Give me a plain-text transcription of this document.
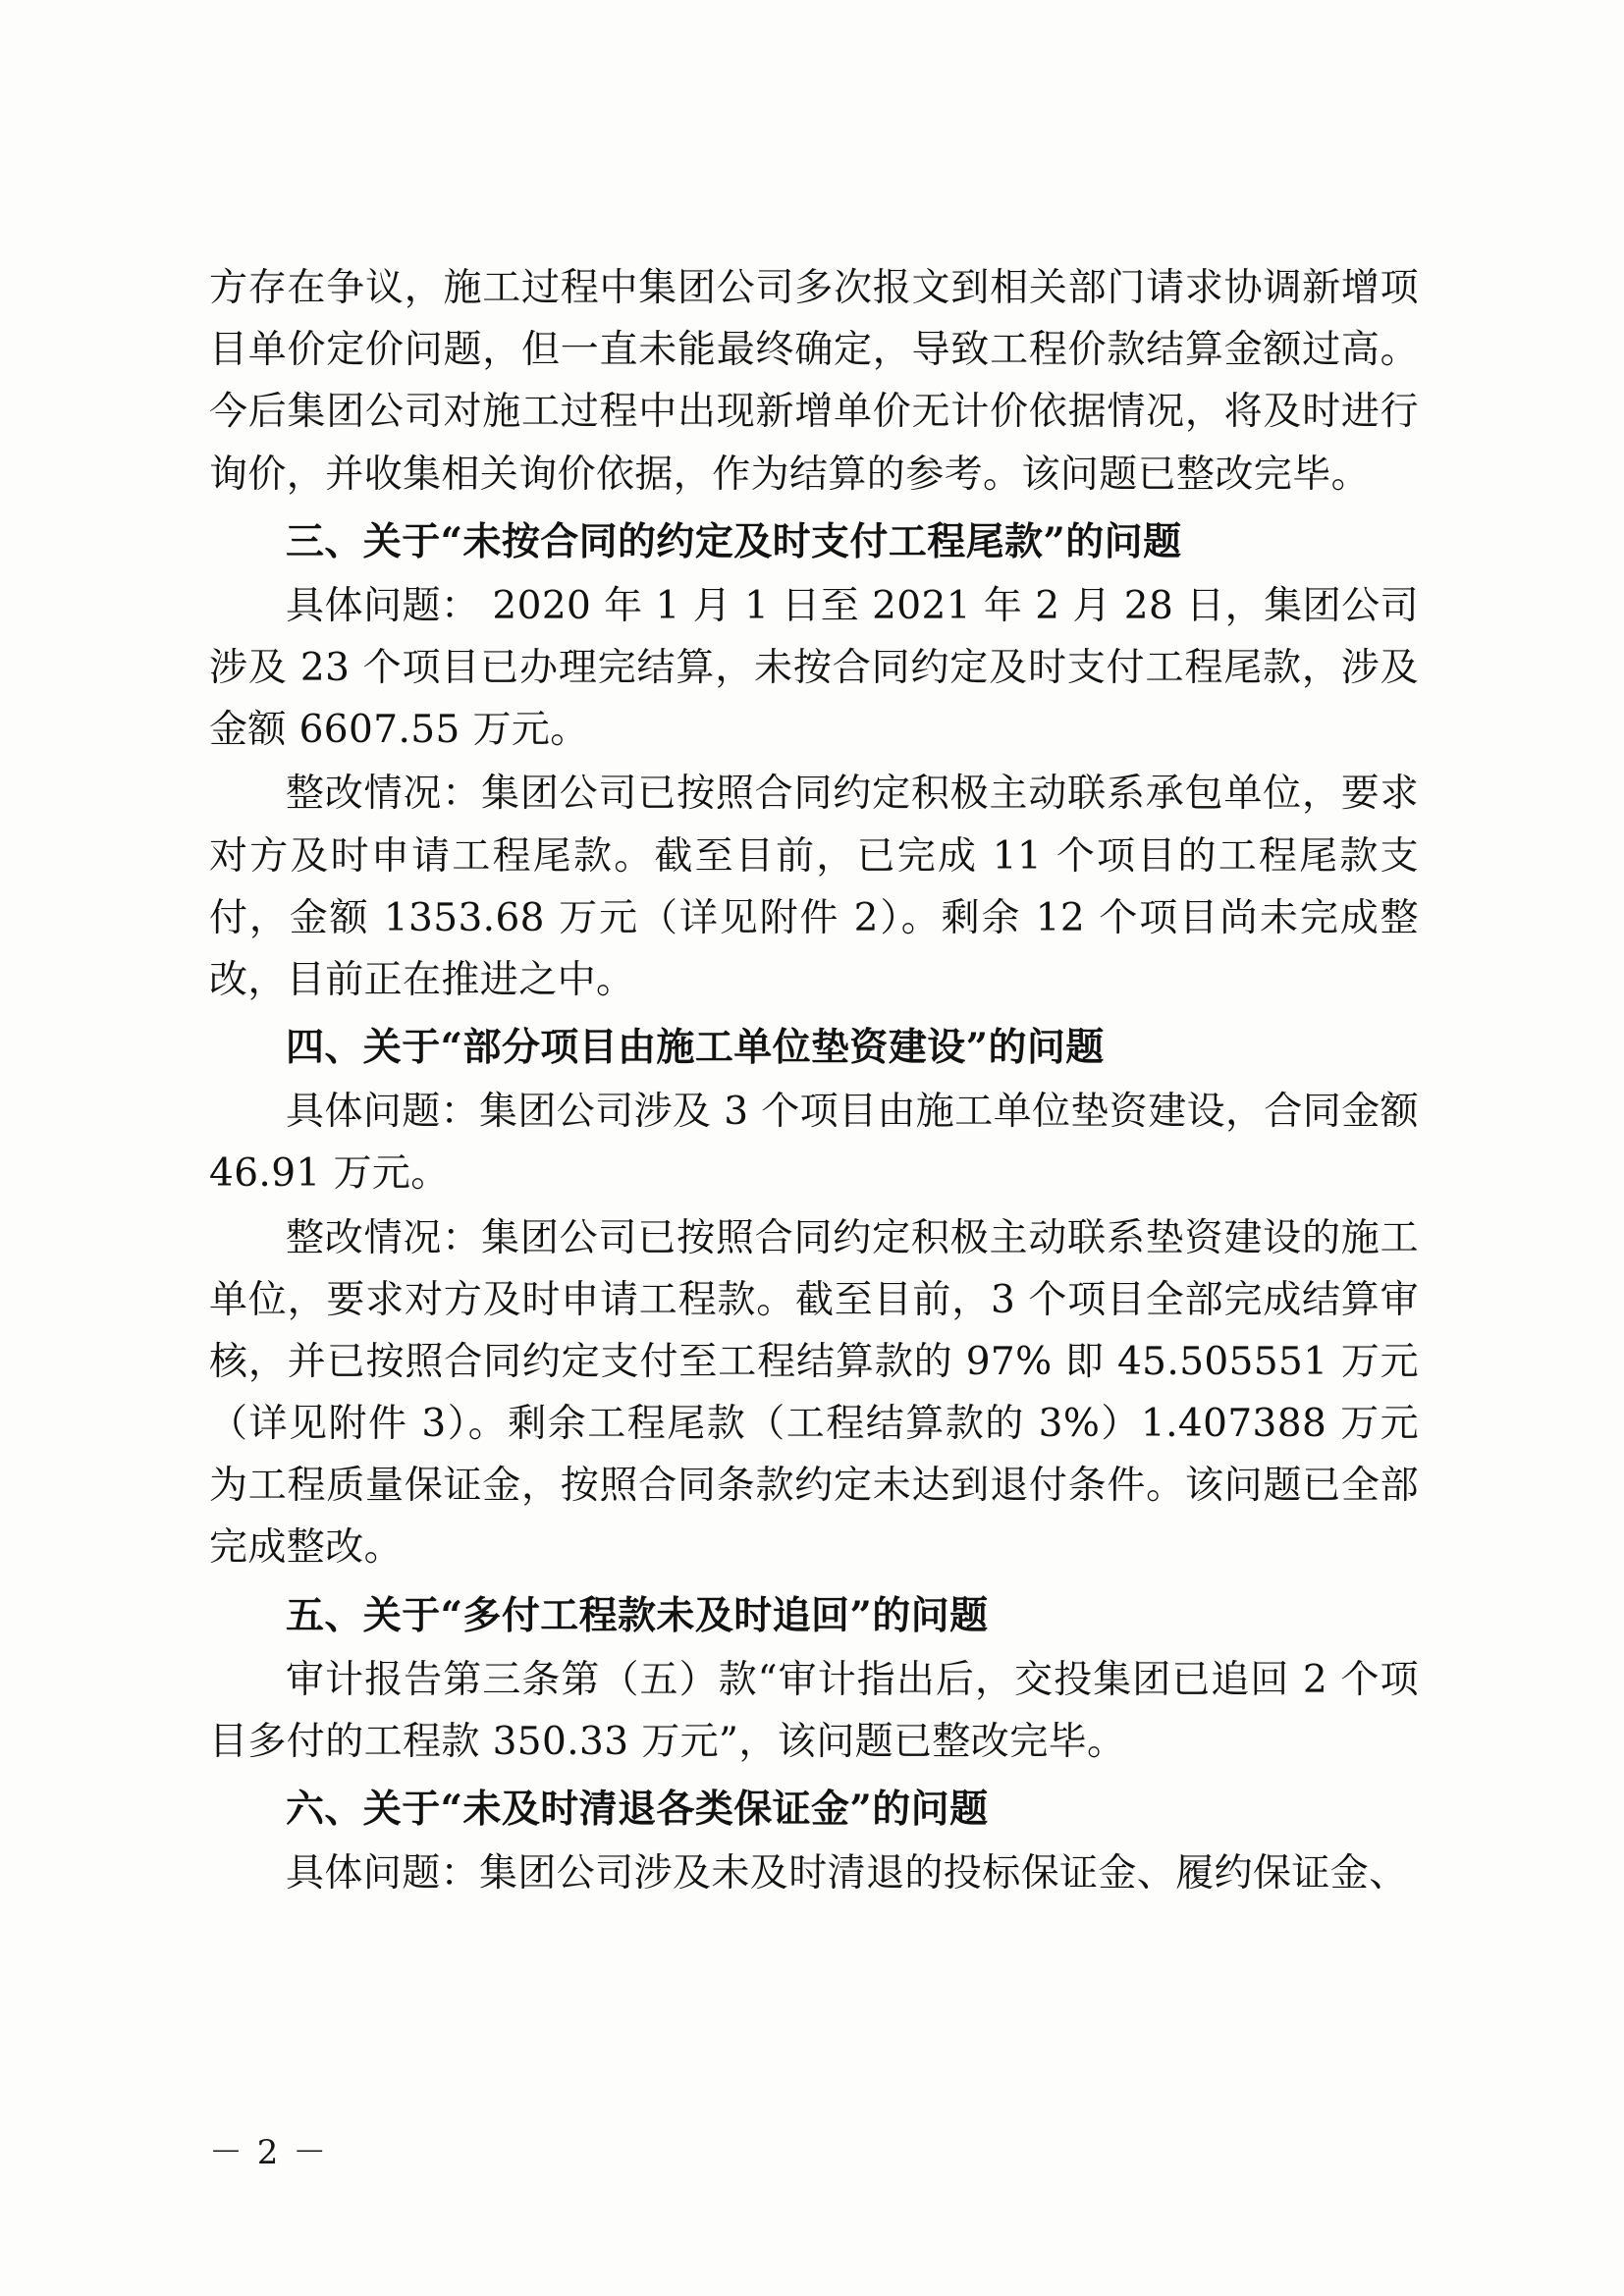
方存在争议，施工过程中集团公司多次报文到相关部门请求协调新增项目单价定价问题，但一直未能最终确定，导致工程价款结算金额过高。今后集团公司对施工过程中出现新增单价无计价依据情况，将及时进行询价，并收集相关询价依据，作为结算的参考。该问题已整改完毕。

三、关于“未按合同的约定及时支付工程尾款”的问题

具体问题： 2020 年 1 月 1 日至 2021 年 2 月 28 日，集团公司涉及 23 个项目已办理完结算，未按合同约定及时支付工程尾款，涉及金额 6607.55 万元。

整改情况：集团公司已按照合同约定积极主动联系承包单位，要求对方及时申请工程尾款。截至目前，已完成 11 个项目的工程尾款支付，金额 1353.68 万元（详见附件 2）。剩余 12 个项目尚未完成整改，目前正在推进之中。

四、关于“部分项目由施工单位垫资建设”的问题

具体问题：集团公司涉及 3 个项目由施工单位垫资建设，合同金额 46.91 万元。

整改情况：集团公司已按照合同约定积极主动联系垫资建设的施工单位，要求对方及时申请工程款。截至目前，3 个项目全部完成结算审核，并已按照合同约定支付至工程结算款的 97% 即 45.505551 万元（详见附件 3）。剩余工程尾款（工程结算款的 3%）1.407388 万元为工程质量保证金，按照合同条款约定未达到退付条件。该问题已全部完成整改。

五、关于“多付工程款未及时追回”的问题

审计报告第三条第（五）款“审计指出后，交投集团已追回 2 个项目多付的工程款 350.33 万元”，该问题已整改完毕。

六、关于“未及时清退各类保证金”的问题

具体问题：集团公司涉及未及时清退的投标保证金、履约保证金、

－ 2 －
